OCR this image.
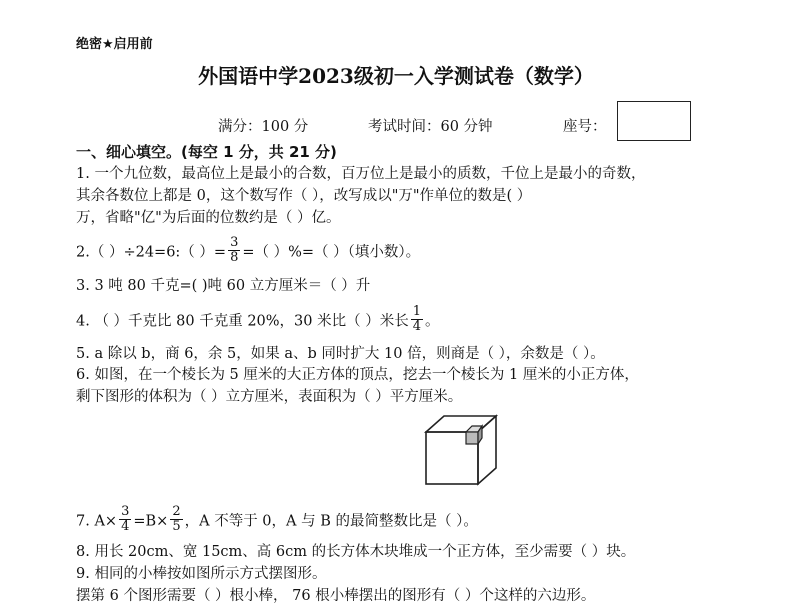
绝密★启用前
外国语中学2023级初一入学测试卷（数学）
满分：100 分	考试时间：60 分钟	座号：
一、细心填空。(每空 1 分，共 21 分)
1. 一个九位数，最高位上是最小的合数，百万位上是最小的质数，千位上是最小的奇数，
其余各数位上都是 0，这个数写作（ ），改写成以"万"作单位的数是( ）
万，省略"亿"为后面的位数约是（ ）亿。
2.（ ）÷24=6:（ ）= $\frac{3}{8}$ =（ ）%=（ ）（填小数）。
3. 3 吨 80 千克=( )吨 60 立方厘米＝（ ）升
4. （ ）千克比 80 千克重 20%，30 米比（ ）米长 $\frac{1}{4}$ 。
5. a 除以 b，商 6，余 5，如果 a、b 同时扩大 10 倍，则商是（ ），余数是（ ）。
6. 如图，在一个棱长为 5 厘米的大正方体的顶点，挖去一个棱长为 1 厘米的小正方体，
剩下图形的体积为（ ）立方厘米，表面积为（ ）平方厘米。
7. $A\times \frac{3}{4} =B\times \frac{2}{5}$ ，A 不等于 0，A 与 B 的最简整数比是（ ）。
8. 用长 20cm、宽 15cm、高 6cm 的长方体木块堆成一个正方体，至少需要（ ）块。
9. 相同的小棒按如图所示方式摆图形。
摆第 6 个图形需要（ ）根小棒， 76 根小棒摆出的图形有（ ）个这样的六边形。
